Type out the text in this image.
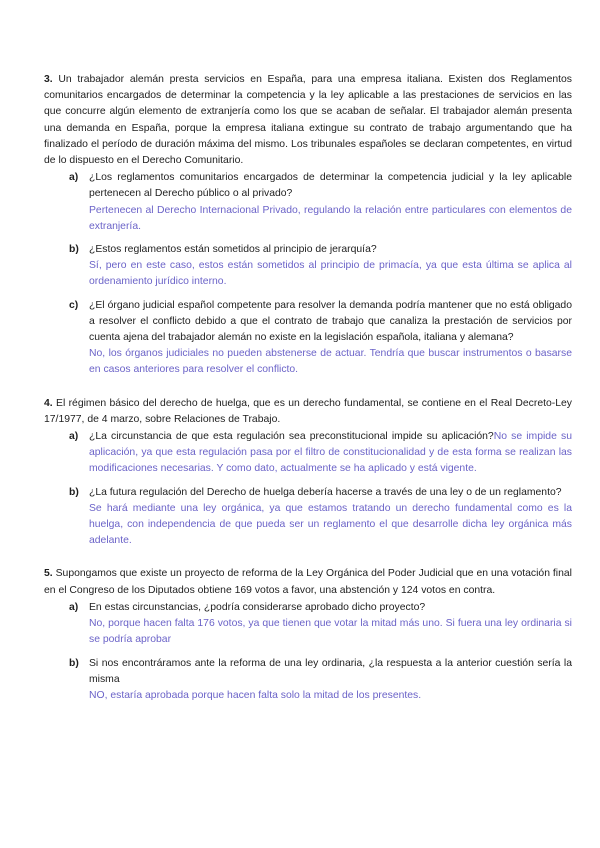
3. Un trabajador alemán presta servicios en España, para una empresa italiana. Existen dos Reglamentos comunitarios encargados de determinar la competencia y la ley aplicable a las prestaciones de servicios en las que concurre algún elemento de extranjería como los que se acaban de señalar. El trabajador alemán presenta una demanda en España, porque la empresa italiana extingue su contrato de trabajo argumentando que ha finalizado el período de duración máxima del mismo. Los tribunales españoles se declaran competentes, en virtud de lo dispuesto en el Derecho Comunitario.
a) ¿Los reglamentos comunitarios encargados de determinar la competencia judicial y la ley aplicable pertenecen al Derecho público o al privado?
Pertenecen al Derecho Internacional Privado, regulando la relación entre particulares con elementos de extranjería.
b) ¿Estos reglamentos están sometidos al principio de jerarquía?
Sí, pero en este caso, estos están sometidos al principio de primacía, ya que esta última se aplica al ordenamiento jurídico interno.
c) ¿El órgano judicial español competente para resolver la demanda podría mantener que no está obligado a resolver el conflicto debido a que el contrato de trabajo que canaliza la prestación de servicios por cuenta ajena del trabajador alemán no existe en la legislación española, italiana y alemana?
No, los órganos judiciales no pueden abstenerse de actuar. Tendría que buscar instrumentos o basarse en casos anteriores para resolver el conflicto.
4. El régimen básico del derecho de huelga, que es un derecho fundamental, se contiene en el Real Decreto-Ley 17/1977, de 4 marzo, sobre Relaciones de Trabajo.
a) ¿La circunstancia de que esta regulación sea preconstitucional impide su aplicación?No se impide su aplicación, ya que esta regulación pasa por el filtro de constitucionalidad y de esta forma se realizan las modificaciones necesarias. Y como dato, actualmente se ha aplicado y está vigente.
b) ¿La futura regulación del Derecho de huelga debería hacerse a través de una ley o de un reglamento?
Se hará mediante una ley orgánica, ya que estamos tratando un derecho fundamental como es la huelga, con independencia de que pueda ser un reglamento el que desarrolle dicha ley orgánica más adelante.
5. Supongamos que existe un proyecto de reforma de la Ley Orgánica del Poder Judicial que en una votación final en el Congreso de los Diputados obtiene 169 votos a favor, una abstención y 124 votos en contra.
a) En estas circunstancias, ¿podría considerarse aprobado dicho proyecto?
No, porque hacen falta 176 votos, ya que tienen que votar la mitad más uno. Si fuera una ley ordinaria si se podría aprobar
b) Si nos encontráramos ante la reforma de una ley ordinaria, ¿la respuesta a la anterior cuestión sería la misma
NO, estaría aprobada porque hacen falta solo la mitad de los presentes.
